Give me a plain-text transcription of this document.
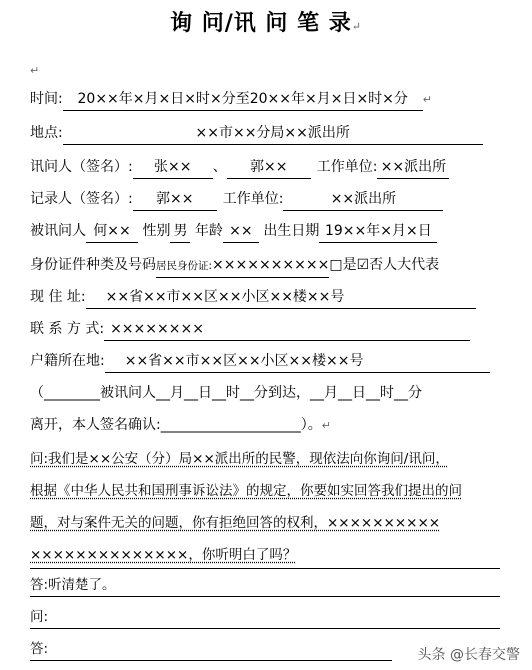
询 问/讯 问 笔 录↵
↵
时间: 20××年×月×日×时×分至20××年×月×日×时×分 ↵
地点:	××市××分局××派出所
讯问人（签名）: 张×× 、 郭×× 工作单位: ××派出所
记录人（签名）: 郭×× 工作单位:	××派出所
被讯问人 何×× 性别 男 年龄 ×× 出生日期 19××年×月×日
身份证件种类及号码居民身份证:××××××××××□是☑否人大代表
现 住 址: ××省××市××区××小区××楼××号
联 系 方 式: ××××××××
户籍所在地: ××省××市××区××小区××楼××号
（________被讯问人__月__日__时__分到达，__月__日__时__分
离开，本人签名确认:____________________）。↵
问:我们是××公安（分）局××派出所的民警，现依法向你询问/讯问，
根据《中华人民共和国刑事诉讼法》的规定，你要如实回答我们提出的问
题，对与案件无关的问题，你有拒绝回答的权利，××××××××××
××××××××××××××，你听明白了吗？
答:听清楚了。
问:
答:	头条 @长春交警
